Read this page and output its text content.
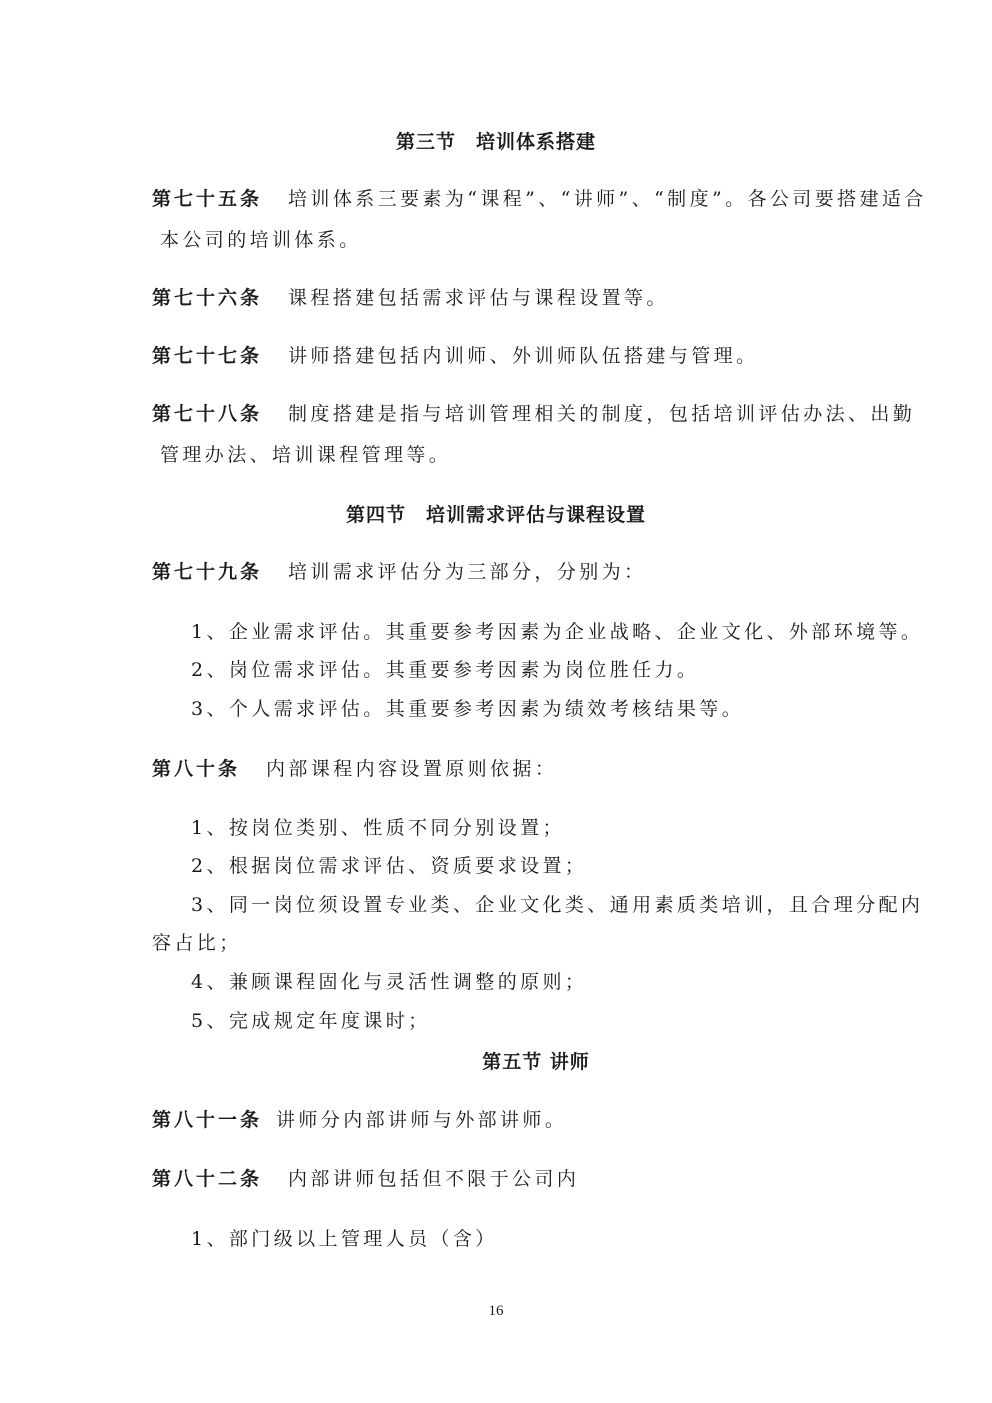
第三节　培训体系搭建
第七十五条 培训体系三要素为“课程”、“讲师”、“制度”。各公司要搭建适合
本公司的培训体系。
第七十六条 课程搭建包括需求评估与课程设置等。
第七十七条 讲师搭建包括内训师、外训师队伍搭建与管理。
第七十八条 制度搭建是指与培训管理相关的制度，包括培训评估办法、出勤
管理办法、培训课程管理等。
第四节　培训需求评估与课程设置
第七十九条 培训需求评估分为三部分，分别为：
1、企业需求评估。其重要参考因素为企业战略、企业文化、外部环境等。
2、岗位需求评估。其重要参考因素为岗位胜任力。
3、个人需求评估。其重要参考因素为绩效考核结果等。
第八十条 内部课程内容设置原则依据：
1、按岗位类别、性质不同分别设置；
2、根据岗位需求评估、资质要求设置；
3、同一岗位须设置专业类、企业文化类、通用素质类培训，且合理分配内
容占比；
4、兼顾课程固化与灵活性调整的原则；
5、完成规定年度课时；
第五节 讲师
第八十一条 讲师分内部讲师与外部讲师。
第八十二条 内部讲师包括但不限于公司内
1、部门级以上管理人员（含）
16
